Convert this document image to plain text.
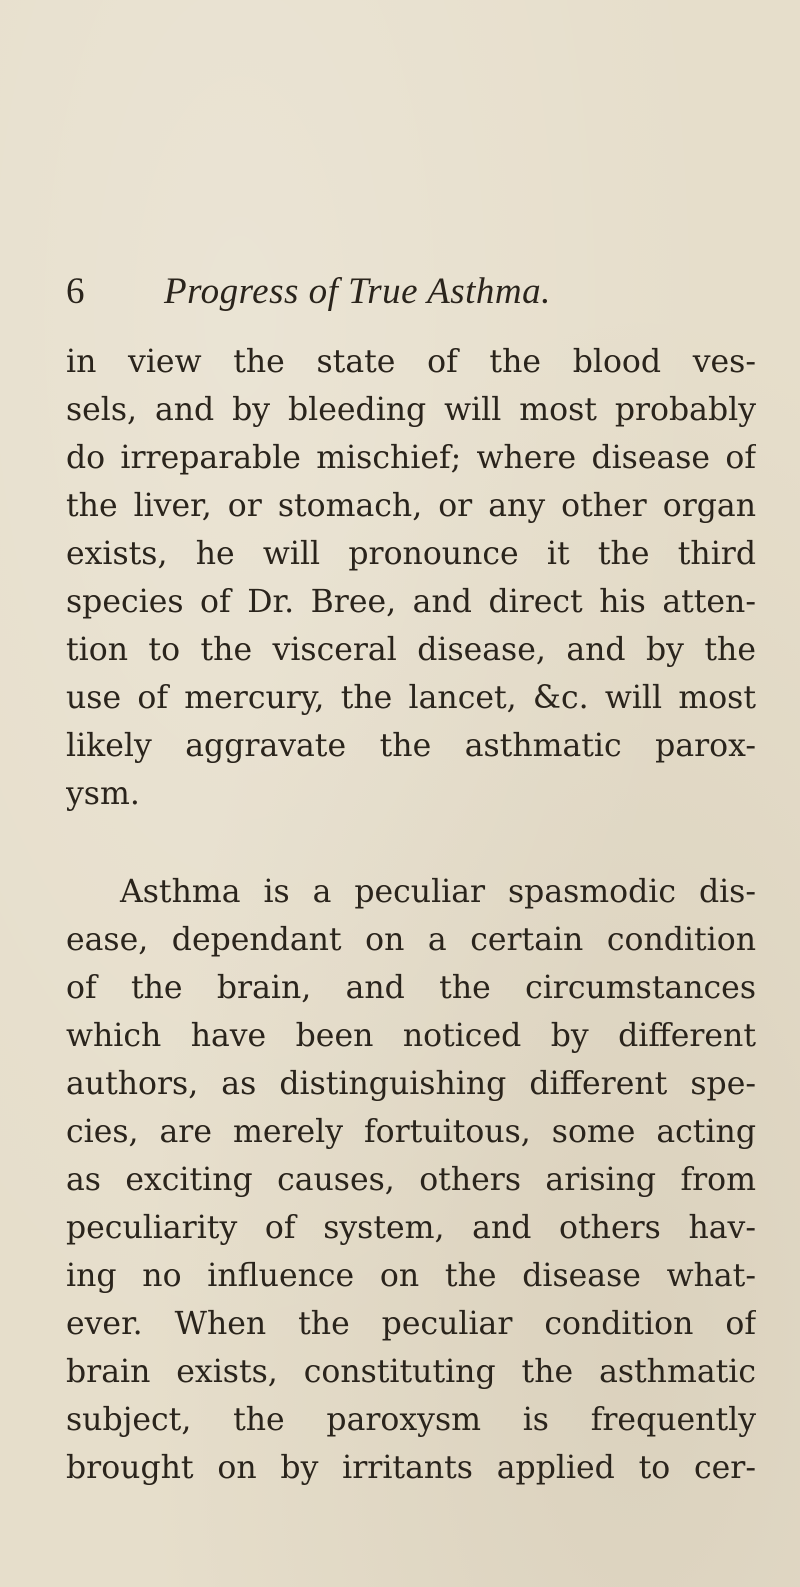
6 Progress of True Asthma.

in view the state of the blood ves-
sels, and by bleeding will most probably
do irreparable mischief; where disease of
the liver, or stomach, or any other organ
exists, he will pronounce it the third
species of Dr. Bree, and direct his atten-
tion to the visceral disease, and by the
use of mercury, the lancet, &c. will most
likely aggravate the asthmatic parox-
ysm.

Asthma is a peculiar spasmodic dis-
ease, dependant on a certain condition
of the brain, and the circumstances
which have been noticed by different
authors, as distinguishing different spe-
cies, are merely fortuitous, some acting
as exciting causes, others arising from
peculiarity of system, and others hav-
ing no influence on the disease what-
ever. When the peculiar condition of
brain exists, constituting the asthmatic
subject, the paroxysm is frequently
brought on by irritants applied to cer-
